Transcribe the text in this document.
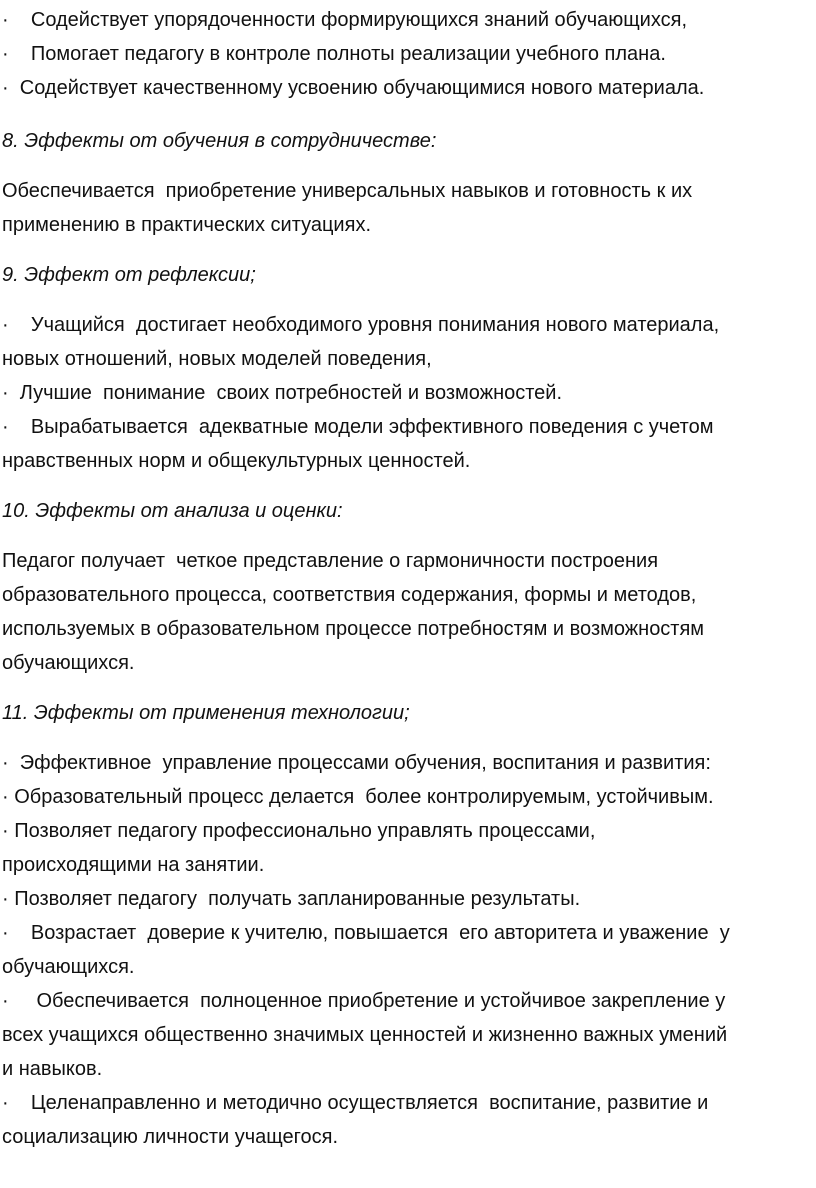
·    Содействует упорядоченности формирующихся знаний обучающихся,

·    Помогает педагогу в контроле полноты реализации учебного плана.

·  Содействует качественному усвоению обучающимися нового материала.

8. Эффекты от обучения в сотрудничестве:

Обеспечивается  приобретение универсальных навыков и готовность к их

применению в практических ситуациях.

9. Эффект от рефлексии;

·    Учащийся  достигает необходимого уровня понимания нового материала,

новых отношений, новых моделей поведения,

·  Лучшие  понимание  своих потребностей и возможностей.

·    Вырабатывается  адекватные модели эффективного поведения с учетом

нравственных норм и общекультурных ценностей.

10. Эффекты от анализа и оценки:

Педагог получает  четкое представление о гармоничности построения

образовательного процесса, соответствия содержания, формы и методов,

используемых в образовательном процессе потребностям и возможностям

обучающихся.

11. Эффекты от применения технологии;

·  Эффективное  управление процессами обучения, воспитания и развития:

· Образовательный процесс делается  более контролируемым, устойчивым.

· Позволяет педагогу профессионально управлять процессами,

происходящими на занятии.

· Позволяет педагогу  получать запланированные результаты.

·    Возрастает  доверие к учителю, повышается  его авторитета и уважение  у

обучающихся.

·     Обеспечивается  полноценное приобретение и устойчивое закрепление у

всех учащихся общественно значимых ценностей и жизненно важных умений

и навыков.

·    Целенаправленно и методично осуществляется  воспитание, развитие и

социализацию личности учащегося.
